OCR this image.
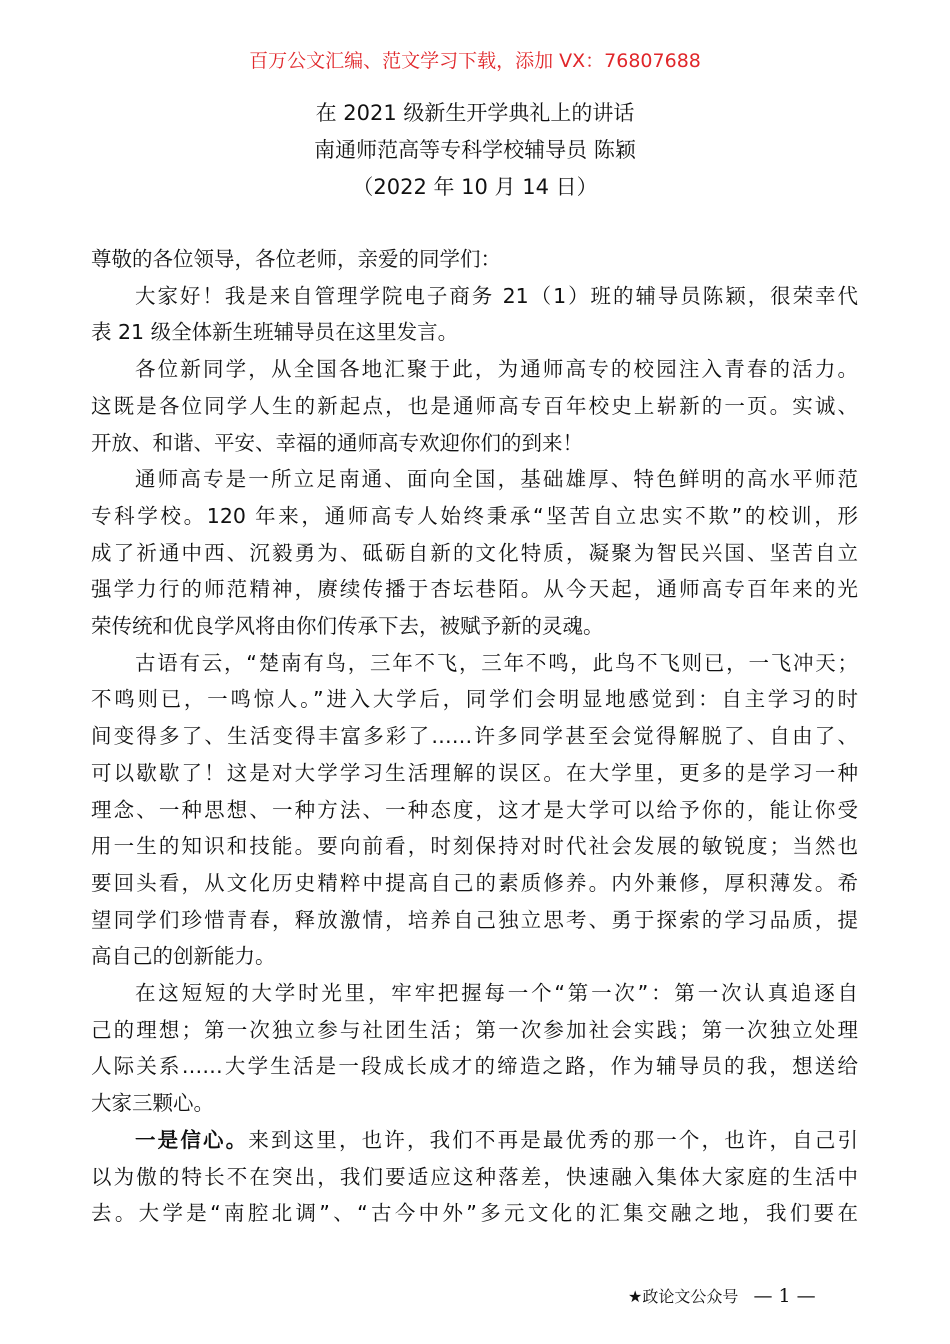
百万公文汇编、范文学习下载，添加 VX：76807688
在 2021 级新生开学典礼上的讲话
南通师范高等专科学校辅导员 陈颖
（2022 年 10 月 14 日）
尊敬的各位领导，各位老师，亲爱的同学们：
大家好！我是来自管理学院电子商务 21（1）班的辅导员陈颖，很荣幸代
表 21 级全体新生班辅导员在这里发言。
各位新同学，从全国各地汇聚于此，为通师高专的校园注入青春的活力。
这既是各位同学人生的新起点，也是通师高专百年校史上崭新的一页。实诚、
开放、和谐、平安、幸福的通师高专欢迎你们的到来！
通师高专是一所立足南通、面向全国，基础雄厚、特色鲜明的高水平师范
专科学校。120 年来，通师高专人始终秉承“坚苦自立忠实不欺”的校训，形
成了祈通中西、沉毅勇为、砥砺自新的文化特质，凝聚为智民兴国、坚苦自立
强学力行的师范精神，赓续传播于杏坛巷陌。从今天起，通师高专百年来的光
荣传统和优良学风将由你们传承下去，被赋予新的灵魂。
古语有云，“楚南有鸟，三年不飞，三年不鸣，此鸟不飞则已，一飞冲天；
不鸣则已，一鸣惊人。”进入大学后，同学们会明显地感觉到：自主学习的时
间变得多了、生活变得丰富多彩了……许多同学甚至会觉得解脱了、自由了、
可以歇歇了！这是对大学学习生活理解的误区。在大学里，更多的是学习一种
理念、一种思想、一种方法、一种态度，这才是大学可以给予你的，能让你受
用一生的知识和技能。要向前看，时刻保持对时代社会发展的敏锐度；当然也
要回头看，从文化历史精粹中提高自己的素质修养。内外兼修，厚积薄发。希
望同学们珍惜青春，释放激情，培养自己独立思考、勇于探索的学习品质，提
高自己的创新能力。
在这短短的大学时光里，牢牢把握每一个“第一次”：第一次认真追逐自
己的理想；第一次独立参与社团生活；第一次参加社会实践；第一次独立处理
人际关系……大学生活是一段成长成才的缔造之路，作为辅导员的我，想送给
大家三颗心。
一是信心。来到这里，也许，我们不再是最优秀的那一个，也许，自己引
以为傲的特长不在突出，我们要适应这种落差，快速融入集体大家庭的生活中
去。大学是“南腔北调”、“古今中外”多元文化的汇集交融之地，我们要在
★政论文公众号 — 1 —
